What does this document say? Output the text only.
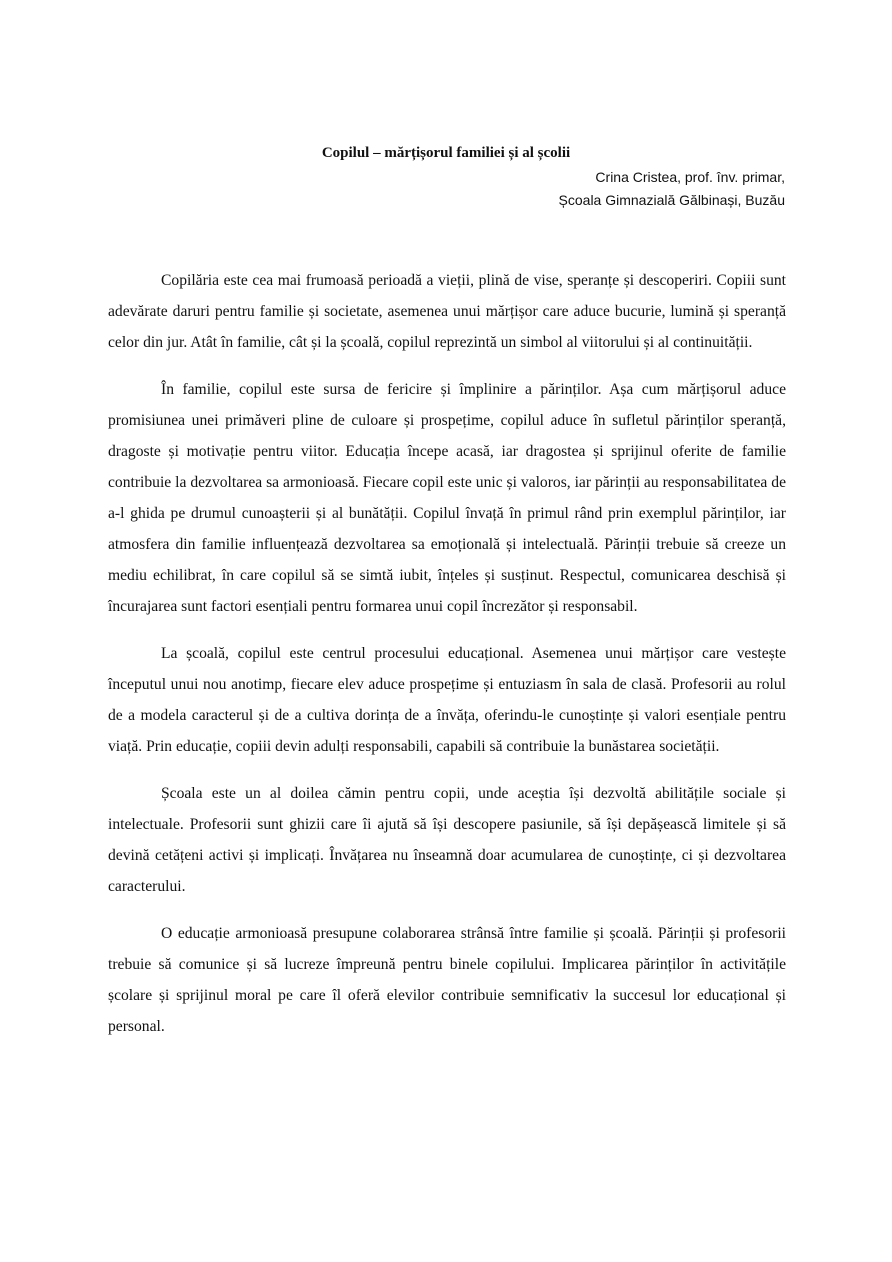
Copilul – mărțișorul familiei și al școlii
Crina Cristea, prof. înv. primar,
Școala Gimnazială Gălbinași, Buzău

Copilăria este cea mai frumoasă perioadă a vieții, plină de vise, speranțe și descoperiri. Copiii sunt adevărate daruri pentru familie și societate, asemenea unui mărțișor care aduce bucurie, lumină și speranță celor din jur. Atât în familie, cât și la școală, copilul reprezintă un simbol al viitorului și al continuității.

În familie, copilul este sursa de fericire și împlinire a părinților. Așa cum mărțișorul aduce promisiunea unei primăveri pline de culoare și prospețime, copilul aduce în sufletul părinților speranță, dragoste și motivație pentru viitor. Educația începe acasă, iar dragostea și sprijinul oferite de familie contribuie la dezvoltarea sa armonioasă. Fiecare copil este unic și valoros, iar părinții au responsabilitatea de a-l ghida pe drumul cunoașterii și al bunătății. Copilul învață în primul rând prin exemplul părinților, iar atmosfera din familie influențează dezvoltarea sa emoțională și intelectuală. Părinții trebuie să creeze un mediu echilibrat, în care copilul să se simtă iubit, înțeles și susținut. Respectul, comunicarea deschisă și încurajarea sunt factori esențiali pentru formarea unui copil încrezător și responsabil.

La școală, copilul este centrul procesului educațional. Asemenea unui mărțișor care vestește începutul unui nou anotimp, fiecare elev aduce prospețime și entuziasm în sala de clasă. Profesorii au rolul de a modela caracterul și de a cultiva dorința de a învăța, oferindu-le cunoștințe și valori esențiale pentru viață. Prin educație, copiii devin adulți responsabili, capabili să contribuie la bunăstarea societății.

Școala este un al doilea cămin pentru copii, unde aceștia își dezvoltă abilitățile sociale și intelectuale. Profesorii sunt ghizii care îi ajută să își descopere pasiunile, să își depășească limitele și să devină cetățeni activi și implicați. Învățarea nu înseamnă doar acumularea de cunoștințe, ci și dezvoltarea caracterului.

O educație armonioasă presupune colaborarea strânsă între familie și școală. Părinții și profesorii trebuie să comunice și să lucreze împreună pentru binele copilului. Implicarea părinților în activitățile școlare și sprijinul moral pe care îl oferă elevilor contribuie semnificativ la succesul lor educațional și personal.
